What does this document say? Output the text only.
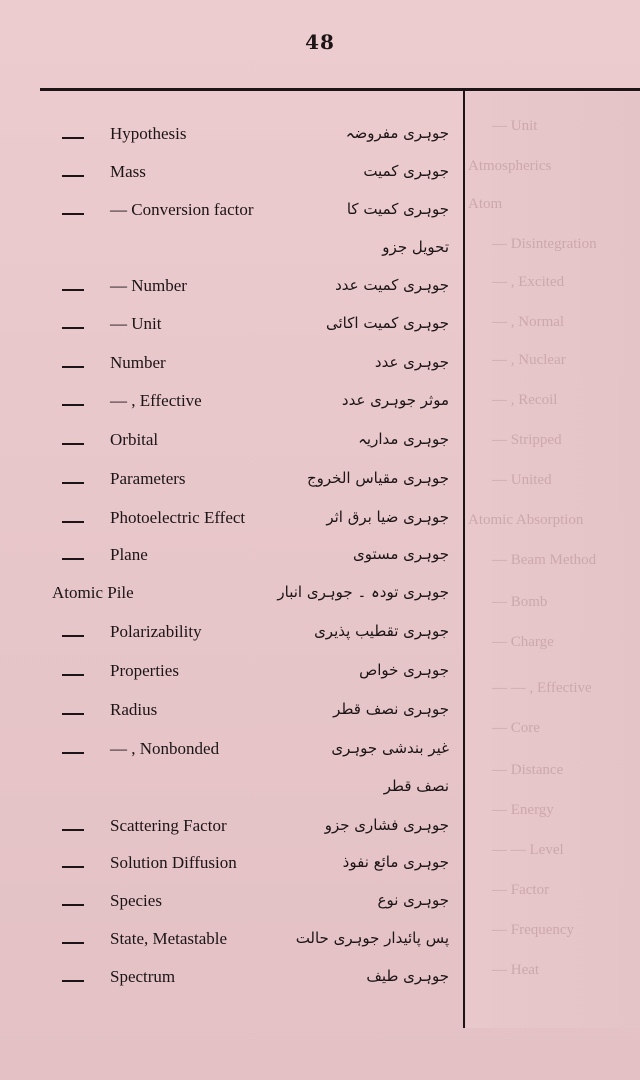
48
— Unit
Atmospherics
Atom
— Disintegration
— , Excited
— , Normal
— , Nuclear
— , Recoil
— Stripped
— United
Atomic Absorption
— Beam Method
— Bomb
— Charge
— — , Effective
— Core
— Distance
— Energy
— — Level
— Factor
— Frequency
— Heat
Hypothesis	جوہری مفروضہ
Mass	جوہری کمیت
— Conversion factor	جوہری کمیت کا
تحویل جزو
— Number	جوہری کمیت عدد
— Unit	جوہری کمیت اکائی
Number	جوہری عدد
— , Effective	موثر جوہری عدد
Orbital	جوہری مداریہ
Parameters	جوہری مقیاس الخروج
Photoelectric Effect	جوہری ضیا برق اثر
Plane	جوہری مستوی
Atomic Pile	جوہری تودہ ۔ جوہری انبار
Polarizability	جوہری تقطیب پذیری
Properties	جوہری خواص
Radius	جوہری نصف قطر
— , Nonbonded	غیر بندشی جوہری
نصف قطر
Scattering Factor	جوہری فشاری جزو
Solution Diffusion	جوہری مائع نفوذ
Species	جوہری نوع
State, Metastable	پس پائیدار جوہری حالت
Spectrum	جوہری طیف
